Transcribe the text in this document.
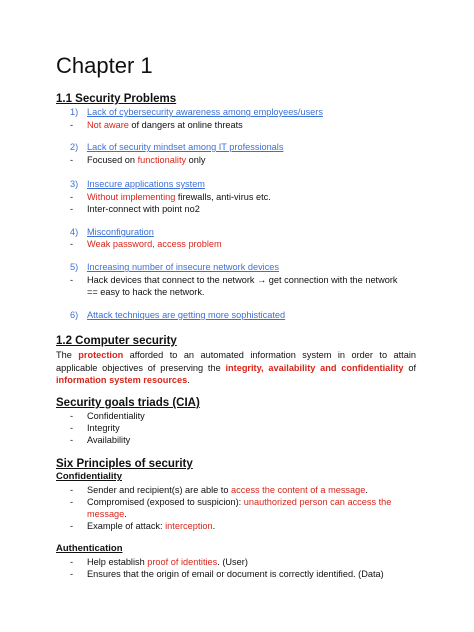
Chapter 1
1.1 Security Problems
1) Lack of cybersecurity awareness among employees/users
- Not aware of dangers at online threats
2) Lack of security mindset among IT professionals
- Focused on functionality only
3) Insecure applications system
- Without implementing firewalls, anti-virus etc.
- Inter-connect with point no2
4) Misconfiguration
- Weak password, access problem
5) Increasing number of insecure network devices
- Hack devices that connect to the network → get connection with the network
== easy to hack the network.
6) Attack techniques are getting more sophisticated
1.2 Computer security

The protection afforded to an automated information system in order to attain applicable objectives of preserving the integrity, availability and confidentiality of information system resources.

Security goals triads (CIA)
- Confidentiality
- Integrity
- Availability
Six Principles of security
Confidentiality
- Sender and recipient(s) are able to access the content of a message.
- Compromised (exposed to suspicion): unauthorized person can access the
message.
- Example of attack: interception.
Authentication
- Help establish proof of identities. (User)
- Ensures that the origin of email or document is correctly identified. (Data)
